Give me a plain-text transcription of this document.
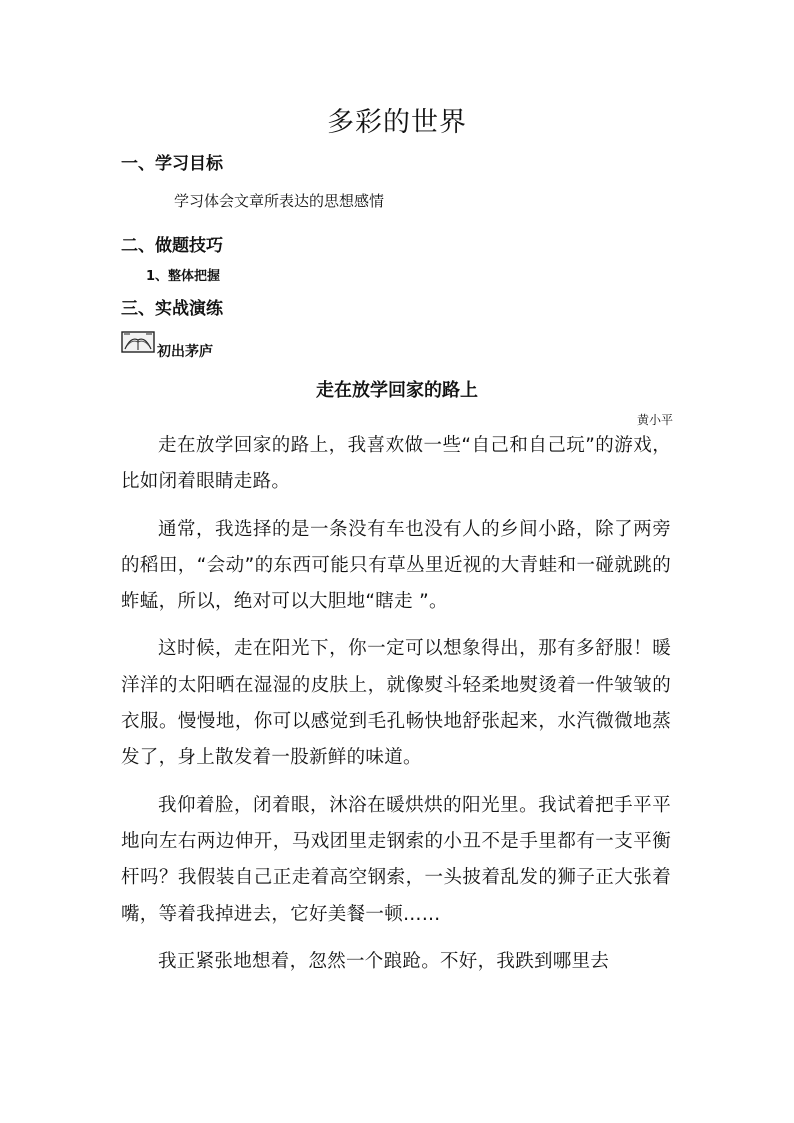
多彩的世界
一、学习目标
学习体会文章所表达的思想感情
二、做题技巧
1、整体把握
三、实战演练
初出茅庐
走在放学回家的路上
黄小平

走在放学回家的路上，我喜欢做一些“自己和自己玩”的游戏，比如闭着眼睛走路。

通常，我选择的是一条没有车也没有人的乡间小路，除了两旁的稻田，“会动”的东西可能只有草丛里近视的大青蛙和一碰就跳的蚱蜢，所以，绝对可以大胆地“瞎走 ”。

这时候，走在阳光下，你一定可以想象得出，那有多舒服！暖洋洋的太阳晒在湿湿的皮肤上，就像熨斗轻柔地熨烫着一件皱皱的衣服。慢慢地，你可以感觉到毛孔畅快地舒张起来，水汽微微地蒸发了，身上散发着一股新鲜的味道。

我仰着脸，闭着眼，沐浴在暖烘烘的阳光里。我试着把手平平地向左右两边伸开，马戏团里走钢索的小丑不是手里都有一支平衡杆吗？我假装自己正走着高空钢索，一头披着乱发的狮子正大张着嘴，等着我掉进去，它好美餐一顿……

我正紧张地想着，忽然一个踉跄。不好，我跌到哪里去
